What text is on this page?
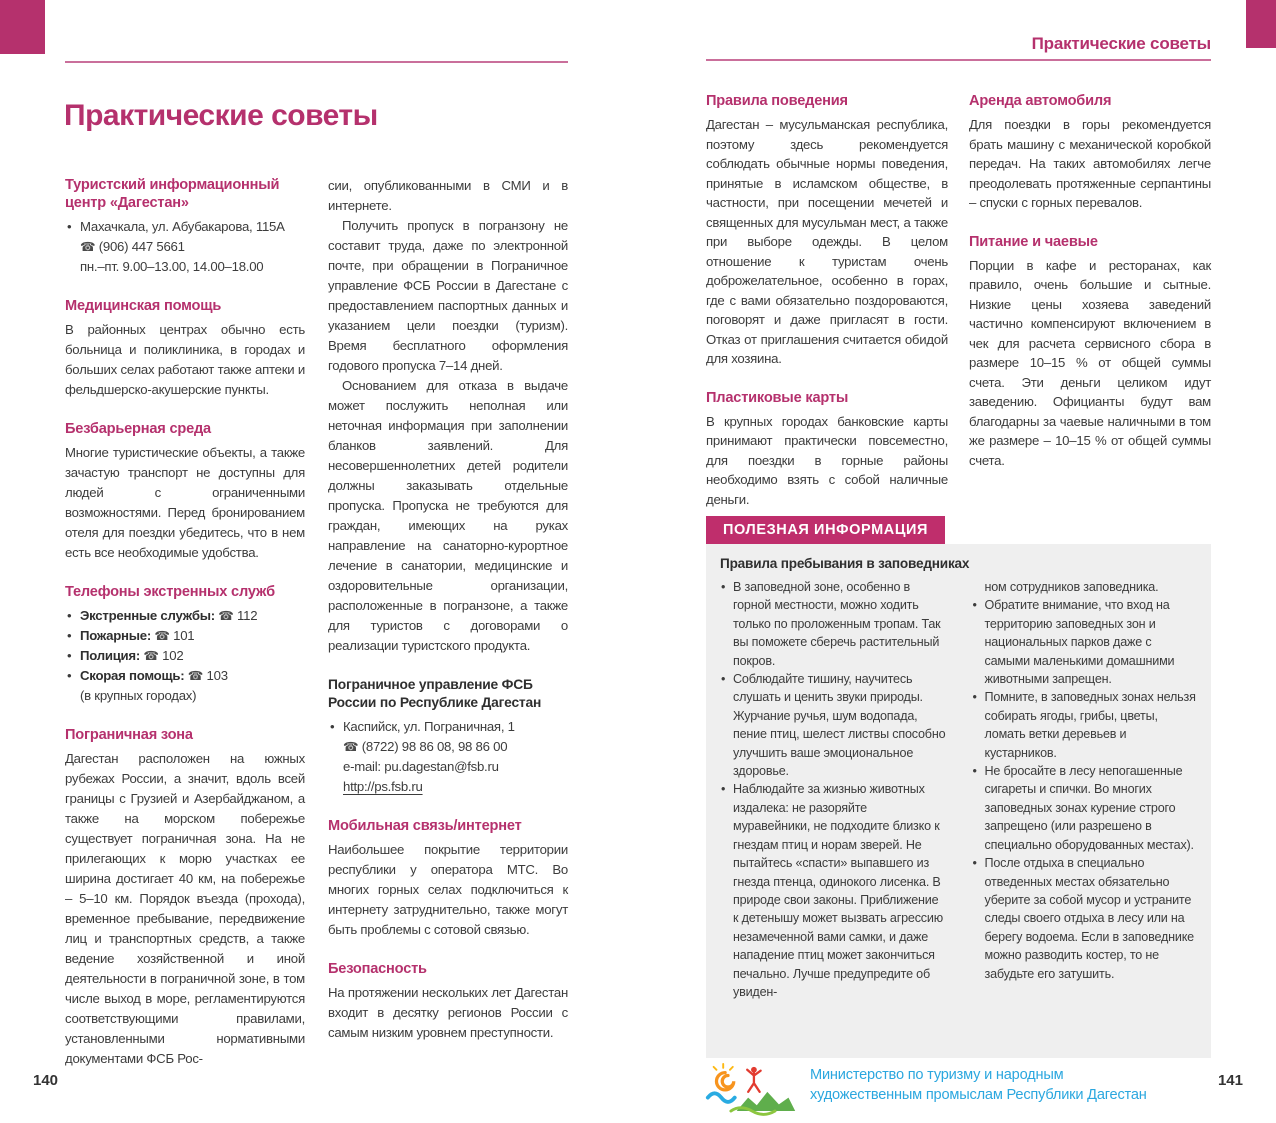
Практические советы
Практические советы
Туристский информационный центр «Дагестан»
• Махачкала, ул. Абубакарова, 115А
☎ (906) 447 5661
пн.–пт. 9.00–13.00, 14.00–18.00
Медицинская помощь

В районных центрах обычно есть больница и поликлиника, в городах и больших селах работают также аптеки и фельдшерско-акушерские пункты.

Безбарьерная среда

Многие туристические объекты, а также зачастую транспорт не доступны для людей с ограниченными возможностями. Перед бронированием отеля для поездки убедитесь, что в нем есть все необходимые удобства.

Телефоны экстренных служб
• Экстренные службы: ☎ 112
• Пожарные: ☎ 101
• Полиция: ☎ 102
• Скорая помощь: ☎ 103
(в крупных городах)
Пограничная зона

Дагестан расположен на южных рубежах России, а значит, вдоль всей границы с Грузией и Азербайджаном, а также на морском побережье существует пограничная зона. На не прилегающих к морю участках ее ширина достигает 40 км, на побережье – 5–10 км. Порядок въезда (прохода), временное пребывание, передвижение лиц и транспортных средств, а также ведение хозяйственной и иной деятельности в пограничной зоне, в том числе выход в море, регламентируются соответствующими правилами, установленными нормативными документами ФСБ Рос-

сии, опубликованными в СМИ и в интернете.

Получить пропуск в погранзону не составит труда, даже по электронной почте, при обращении в Пограничное управление ФСБ России в Дагестане с предоставлением паспортных данных и указанием цели поездки (туризм). Время бесплатного оформления годового пропуска 7–14 дней.

Основанием для отказа в выдаче может послужить неполная или неточная информация при заполнении бланков заявлений. Для несовершеннолетних детей родители должны заказывать отдельные пропуска. Пропуска не требуются для граждан, имеющих на руках направление на санаторно-курортное лечение в санатории, медицинские и оздоровительные организации, расположенные в погранзоне, а также для туристов с договорами о реализации туристского продукта.

Пограничное управление ФСБ России по Республике Дагестан
• Каспийск, ул. Пограничная, 1
☎ (8722) 98 86 08, 98 86 00
e-mail: pu.dagestan@fsb.ru
http://ps.fsb.ru
Мобильная связь/интернет

Наибольшее покрытие территории республики у оператора МТС. Во многих горных селах подключиться к интернету затруднительно, также могут быть проблемы с сотовой связью.

Безопасность

На протяжении нескольких лет Дагестан входит в десятку регионов России с самым низким уровнем преступности.

Правила поведения

Дагестан – мусульманская республика, поэтому здесь рекомендуется соблюдать обычные нормы поведения, принятые в исламском обществе, в частности, при посещении мечетей и священных для мусульман мест, а также при выборе одежды. В целом отношение к туристам очень доброжелательное, особенно в горах, где с вами обязательно поздороваются, поговорят и даже пригласят в гости. Отказ от приглашения считается обидой для хозяина.

Пластиковые карты

В крупных городах банковские карты принимают практически повсеместно, для поездки в горные районы необходимо взять с собой наличные деньги.

Аренда автомобиля

Для поездки в горы рекомендуется брать машину с механической коробкой передач. На таких автомобилях легче преодолевать протяженные серпантины – спуски с горных перевалов.

Питание и чаевые

Порции в кафе и ресторанах, как правило, очень большие и сытные. Низкие цены хозяева заведений частично компенсируют включением в чек для расчета сервисного сбора в размере 10–15 % от общей суммы счета. Эти деньги целиком идут заведению. Официанты будут вам благодарны за чаевые наличными в том же размере – 10–15 % от общей суммы счета.

ПОЛЕЗНАЯ ИНФОРМАЦИЯ
Правила пребывания в заповедниках

• В заповедной зоне, особенно в горной местности, можно ходить только по проложенным тропам. Так вы поможете сберечь растительный покров.

• Соблюдайте тишину, научитесь слушать и ценить звуки природы. Журчание ручья, шум водопада, пение птиц, шелест листвы способно улучшить ваше эмоциональное здоровье.

• Наблюдайте за жизнью животных издалека: не разоряйте муравейники, не подходите близко к гнездам птиц и норам зверей. Не пытайтесь «спасти» выпавшего из гнезда птенца, одинокого лисенка. В природе свои законы. Приближение к детенышу может вызвать агрессию незамеченной вами самки, и даже нападение птиц может закончиться печально. Лучше предупредите об увиден-

ном сотрудников заповедника.

• Обратите внимание, что вход на территорию заповедных зон и национальных парков даже с самыми маленькими домашними животными запрещен.

• Помните, в заповедных зонах нельзя собирать ягоды, грибы, цветы, ломать ветки деревьев и кустарников.

• Не бросайте в лесу непогашенные сигареты и спички. Во многих заповедных зонах курение строго запрещено (или разрешено в специально оборудованных местах).

• После отдыха в специально отведенных местах обязательно уберите за собой мусор и устраните следы своего отдыха в лесу или на берегу водоема. Если в заповеднике можно разводить костер, то не забудьте его затушить.

140	141
Министерство по туризму и народным
художественным промыслам Республики Дагестан
